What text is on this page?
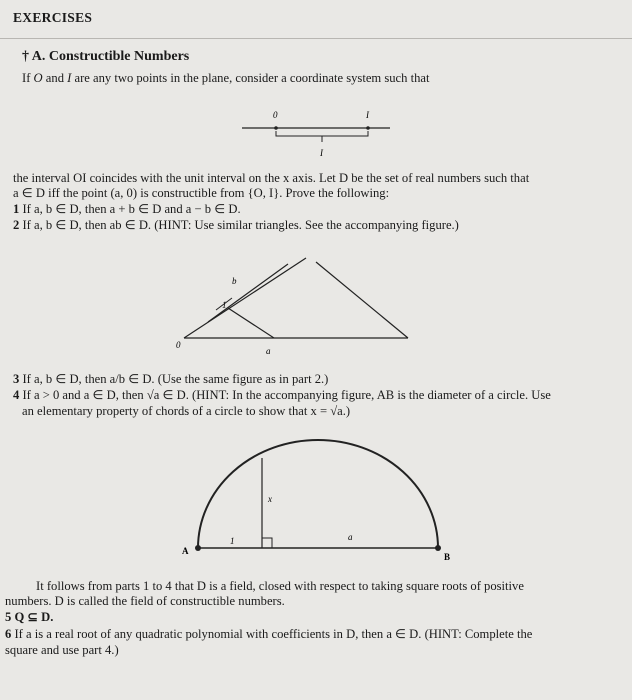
EXERCISES
† A. Constructible Numbers
If O and I are any two points in the plane, consider a coordinate system such that
0	I
I
the interval OI coincides with the unit interval on the x axis. Let D be the set of real numbers such that
a ∈ D iff the point (a, 0) is constructible from {O, I}. Prove the following:
1 If a, b ∈ D, then a + b ∈ D and a − b ∈ D.
2 If a, b ∈ D, then ab ∈ D. (HINT: Use similar triangles. See the accompanying figure.)
b
1
0
a
3 If a, b ∈ D, then a/b ∈ D. (Use the same figure as in part 2.)
4 If a > 0 and a ∈ D, then √a ∈ D. (HINT: In the accompanying figure, AB is the diameter of a circle. Use
an elementary property of chords of a circle to show that x = √a.)
x
1	a
A
B
It follows from parts 1 to 4 that D is a field, closed with respect to taking square roots of positive
numbers. D is called the field of constructible numbers.
5 Q ⊆ D.
6 If a is a real root of any quadratic polynomial with coefficients in D, then a ∈ D. (HINT: Complete the
square and use part 4.)
